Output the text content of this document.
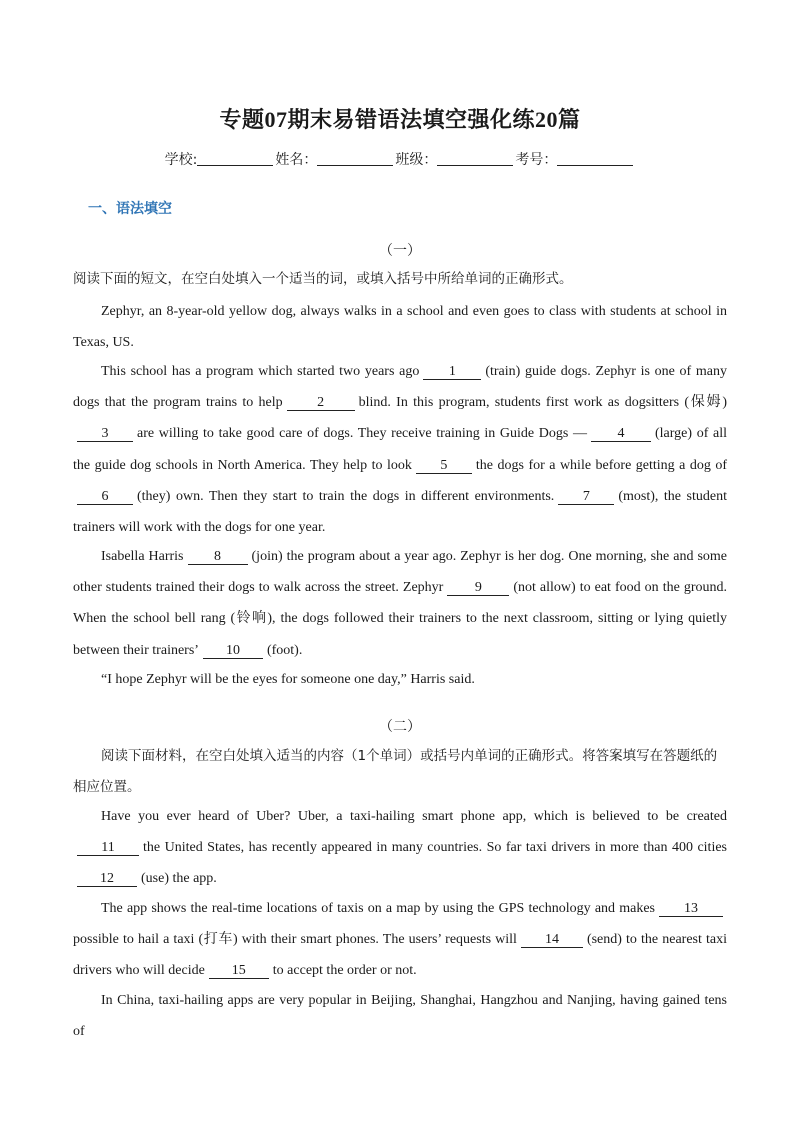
专题07期末易错语法填空强化练20篇
学校:	姓名：	班级：	考号：
一、语法填空
（一）

阅读下面的短文，在空白处填入一个适当的词，或填入括号中所给单词的正确形式。

Zephyr, an 8-year-old yellow dog, always walks in a school and even goes to class with students at school in Texas, US.

This school has a program which started two years ago 1 (train) guide dogs. Zephyr is one of many dogs that the program trains to help 2 blind. In this program, students first work as dogsitters (保姆)3 are willing to take good care of dogs. They receive training in Guide Dogs — 4 (large) of all the guide dog schools in North America. They help to look 5 the dogs for a while before getting a dog of6 (they) own. Then they start to train the dogs in different environments. 7 (most), the student trainers will work with the dogs for one year.

Isabella Harris 8 (join) the program about a year ago. Zephyr is her dog. One morning, she and some other students trained their dogs to walk across the street. Zephyr 9 (not allow) to eat food on the ground. When the school bell rang (铃响), the dogs followed their trainers to the next classroom, sitting or lying quietly between their trainers’ 10 (foot).

“I hope Zephyr will be the eyes for someone one day,” Harris said.

（二）

阅读下面材料，在空白处填入适当的内容（1个单词）或括号内单词的正确形式。将答案填写在答题纸的相应位置。

Have you ever heard of Uber? Uber, a taxi-hailing smart phone app, which is believed to be created11 the United States, has recently appeared in many countries. So far taxi drivers in more than 400 cities12 (use) the app.

The app shows the real-time locations of taxis on a map by using the GPS technology and makes 13possible to hail a taxi (打车) with their smart phones. The users’ requests will 14 (send) to the nearest taxi drivers who will decide 15 to accept the order or not.

In China, taxi-hailing apps are very popular in Beijing, Shanghai, Hangzhou and Nanjing, having gained tens of
